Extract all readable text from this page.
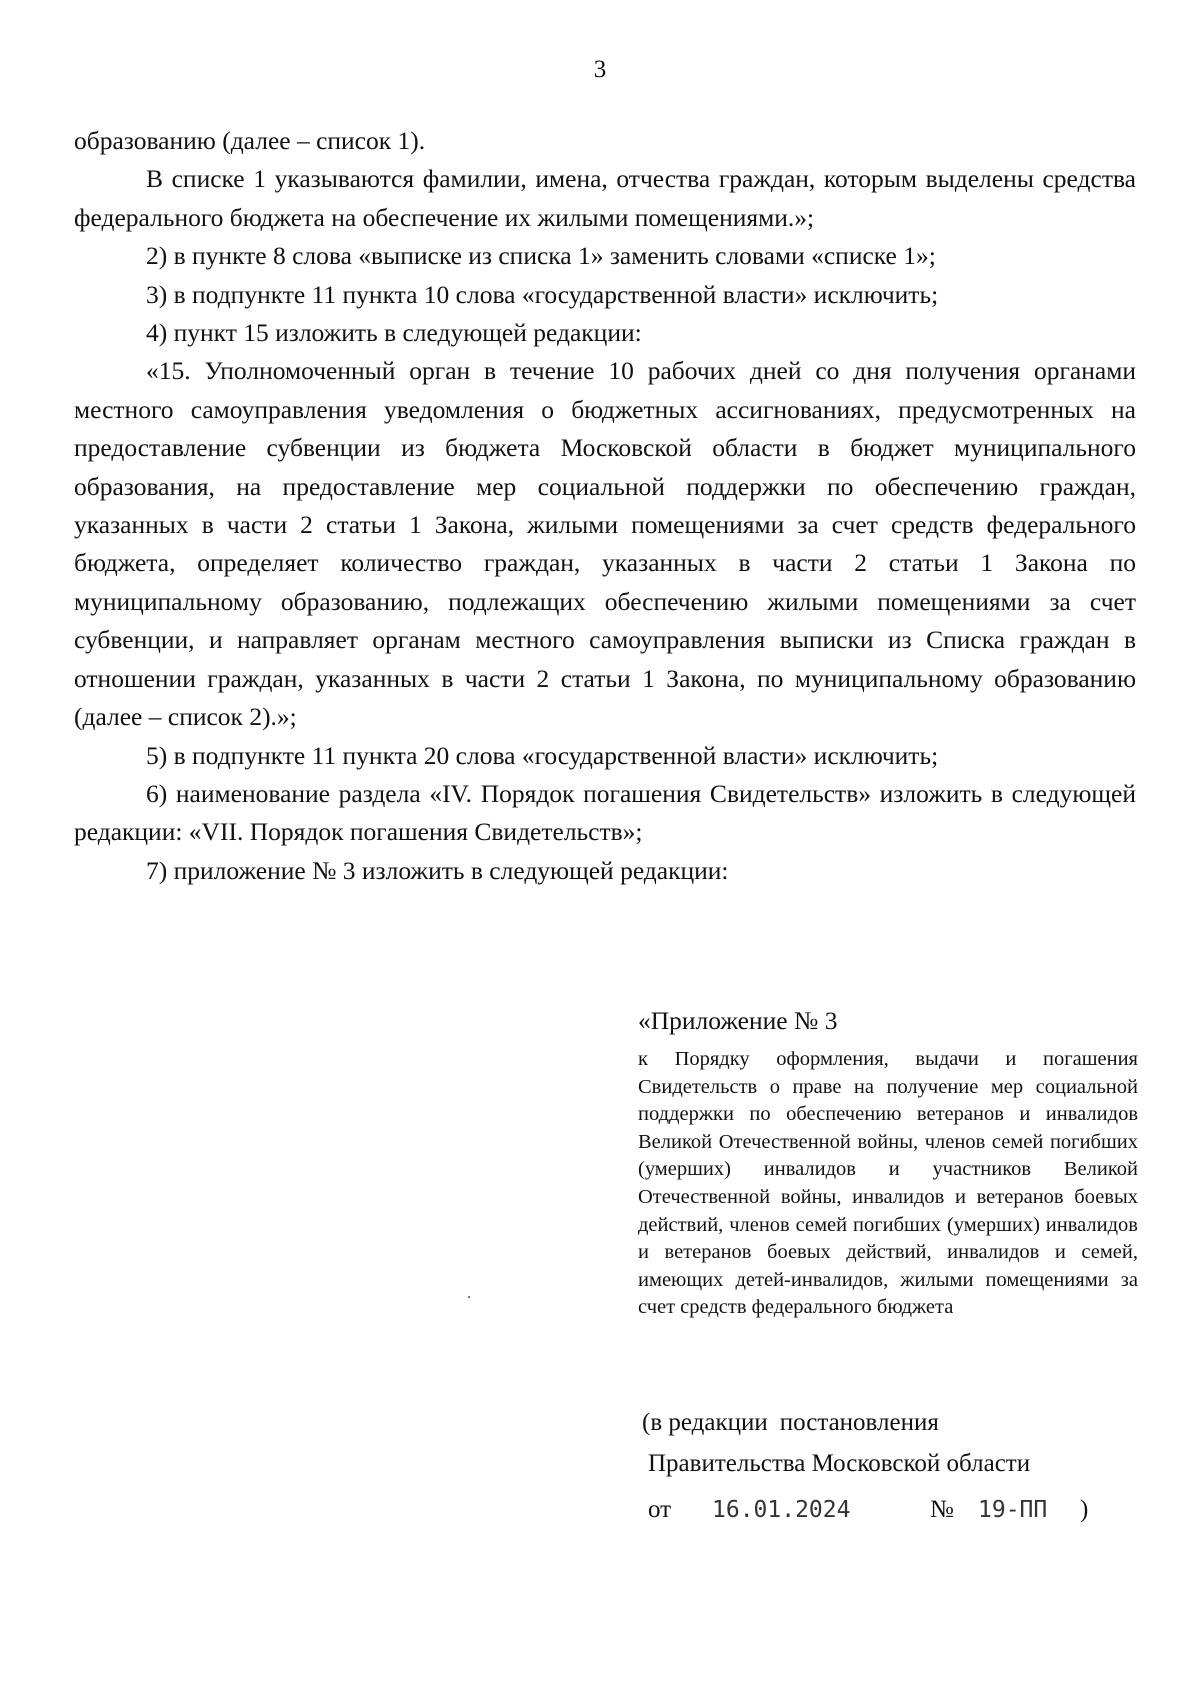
3

образованию (далее – список 1).

В списке 1 указываются фамилии, имена, отчества граждан, которым выделены средства федерального бюджета на обеспечение их жилыми помещениями.»;

2) в пункте 8 слова «выписке из списка 1» заменить словами «списке 1»;

3) в подпункте 11 пункта 10 слова «государственной власти» исключить;

4) пункт 15 изложить в следующей редакции:

«15. Уполномоченный орган в течение 10 рабочих дней со дня получения органами местного самоуправления уведомления о бюджетных ассигнованиях, предусмотренных на предоставление субвенции из бюджета Московской области в бюджет муниципального образования, на предоставление мер социальной поддержки по обеспечению граждан, указанных в части 2 статьи 1 Закона, жилыми помещениями за счет средств федерального бюджета, определяет количество граждан, указанных в части 2 статьи 1 Закона по муниципальному образованию, подлежащих обеспечению жилыми помещениями за счет субвенции, и направляет органам местного самоуправления выписки из Списка граждан в отношении граждан, указанных в части 2 статьи 1 Закона, по муниципальному образованию (далее – список 2).»;

5) в подпункте 11 пункта 20 слова «государственной власти» исключить;

6) наименование раздела «IV. Порядок погашения Свидетельств» изложить в следующей редакции: «VII. Порядок погашения Свидетельств»;

7) приложение № 3 изложить в следующей редакции:

«Приложение № 3
к Порядку оформления, выдачи и погашения Свидетельств о праве на получение мер социальной поддержки по обеспечению ветеранов и инвалидов Великой Отечественной войны, членов семей погибших (умерших) инвалидов и участников Великой Отечественной войны, инвалидов и ветеранов боевых действий, членов семей погибших (умерших) инвалидов и ветеранов боевых действий, инвалидов и семей, имеющих детей-инвалидов, жилыми помещениями за счет средств федерального бюджета
(в редакции постановления
Правительства Московской области
от 16.01.2024	№ 19-ПП )
